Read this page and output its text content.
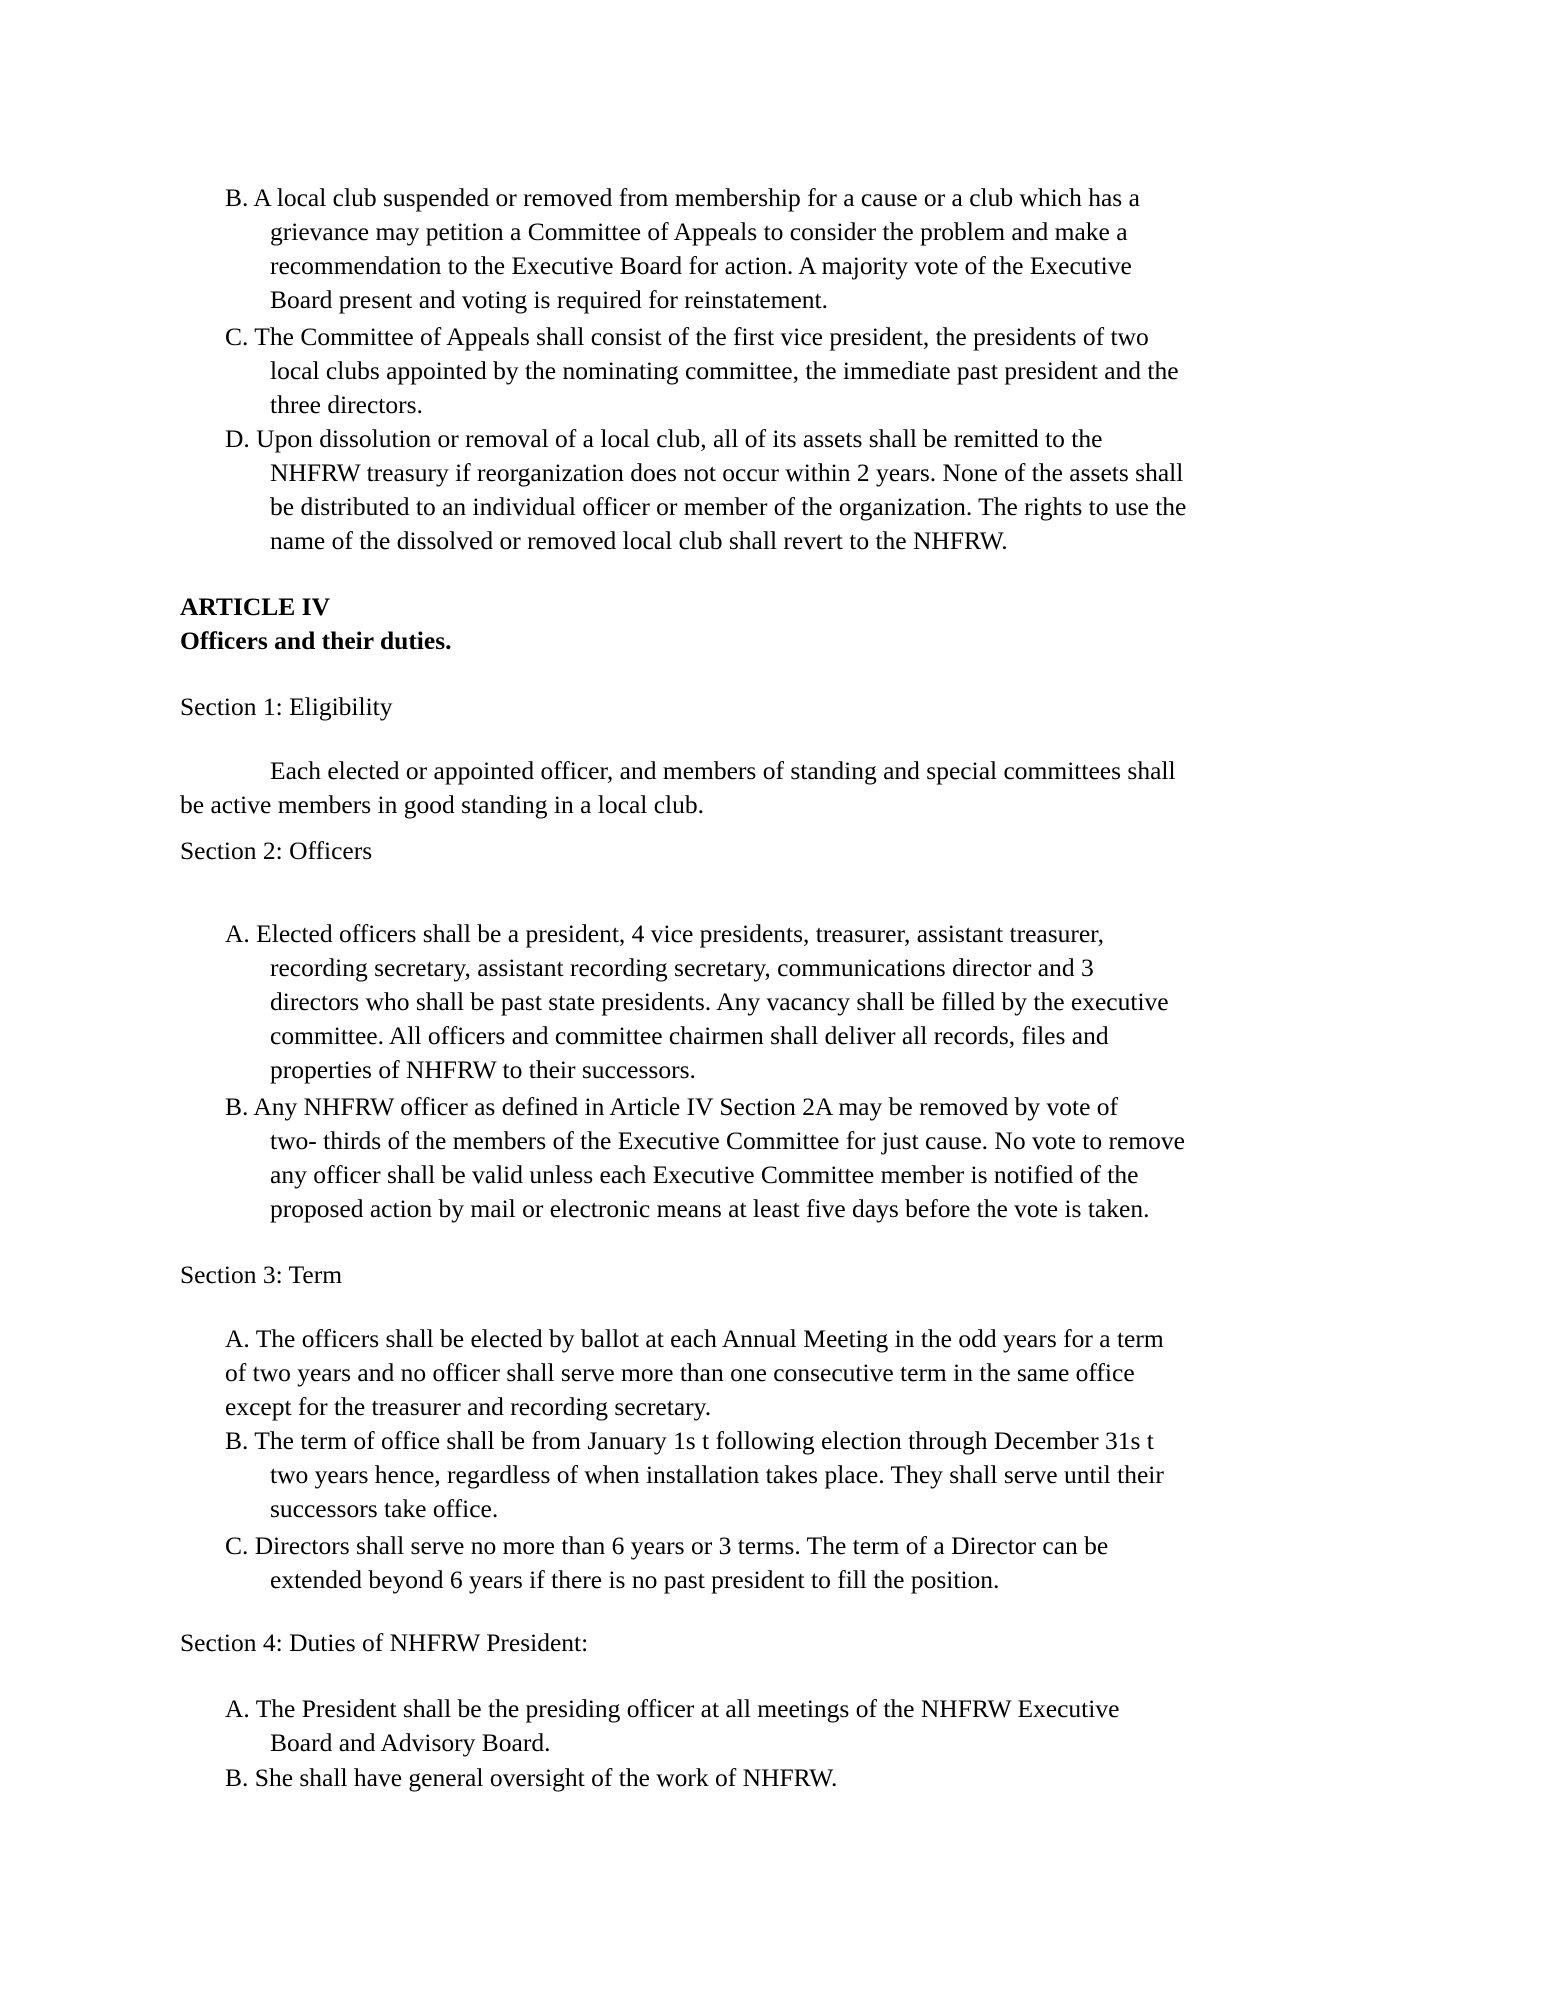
B. A local club suspended or removed from membership for a cause or a club which has a
grievance may petition a Committee of Appeals to consider the problem and make a
recommendation to the Executive Board for action. A majority vote of the Executive
Board present and voting is required for reinstatement.
C. The Committee of Appeals shall consist of the first vice president, the presidents of two
local clubs appointed by the nominating committee, the immediate past president and the
three directors.
D. Upon dissolution or removal of a local club, all of its assets shall be remitted to the
NHFRW treasury if reorganization does not occur within 2 years. None of the assets shall
be distributed to an individual officer or member of the organization. The rights to use the
name of the dissolved or removed local club shall revert to the NHFRW.
ARTICLE IV
Officers and their duties.
Section 1: Eligibility
Each elected or appointed officer, and members of standing and special committees shall
be active members in good standing in a local club.
Section 2: Officers
A. Elected officers shall be a president, 4 vice presidents, treasurer, assistant treasurer,
recording secretary, assistant recording secretary, communications director and 3
directors who shall be past state presidents. Any vacancy shall be filled by the executive
committee. All officers and committee chairmen shall deliver all records, files and
properties of NHFRW to their successors.
B. Any NHFRW officer as defined in Article IV Section 2A may be removed by vote of
two- thirds of the members of the Executive Committee for just cause. No vote to remove
any officer shall be valid unless each Executive Committee member is notified of the
proposed action by mail or electronic means at least five days before the vote is taken.
Section 3: Term
A. The officers shall be elected by ballot at each Annual Meeting in the odd years for a term
of two years and no officer shall serve more than one consecutive term in the same office
except for the treasurer and recording secretary.
B. The term of office shall be from January 1s t following election through December 31s t
two years hence, regardless of when installation takes place. They shall serve until their
successors take office.
C. Directors shall serve no more than 6 years or 3 terms. The term of a Director can be
extended beyond 6 years if there is no past president to fill the position.
Section 4: Duties of NHFRW President:
A. The President shall be the presiding officer at all meetings of the NHFRW Executive
Board and Advisory Board.
B. She shall have general oversight of the work of NHFRW.
